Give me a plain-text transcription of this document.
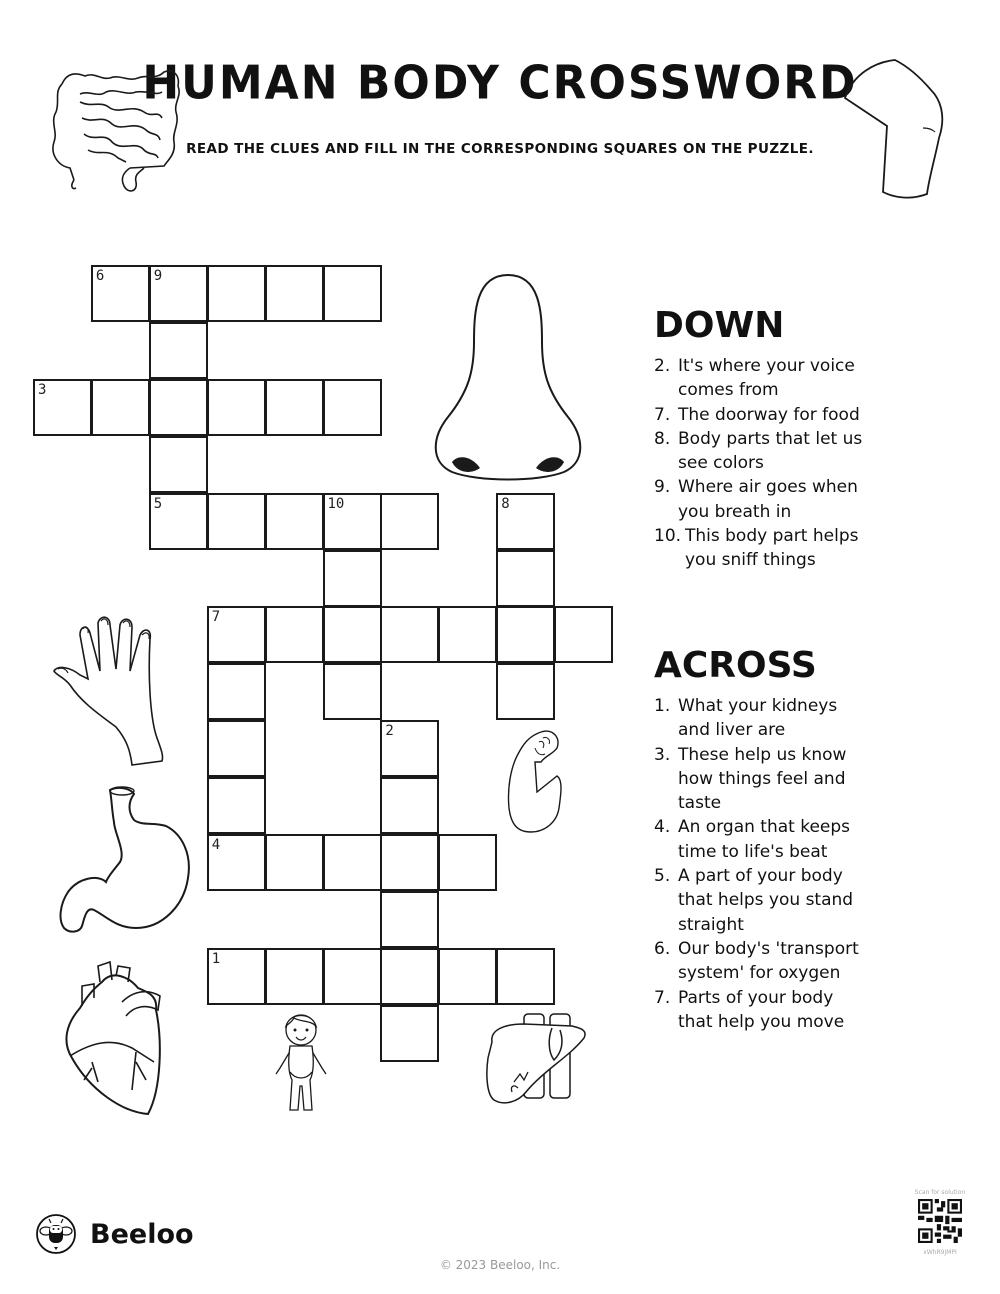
HUMAN BODY CROSSWORD
READ THE CLUES AND FILL IN THE CORRESPONDING SQUARES ON THE PUZZLE.
6	9
3
5	10	8
7
2
4
1
DOWN
2. It's where your voice comes from
7. The doorway for food
8. Body parts that let us see colors
9. Where air goes when you breath in
10. This body part helps you sniff things
ACROSS
1. What your kidneys and liver are
3. These help us know how things feel and taste
4. An organ that keeps time to life's beat
5. A part of your body that helps you stand straight
6. Our body's 'transport system' for oxygen
7. Parts of your body that help you move
Beeloo
© 2023 Beeloo, Inc.
Scan for solution
xWhR9JMPI
